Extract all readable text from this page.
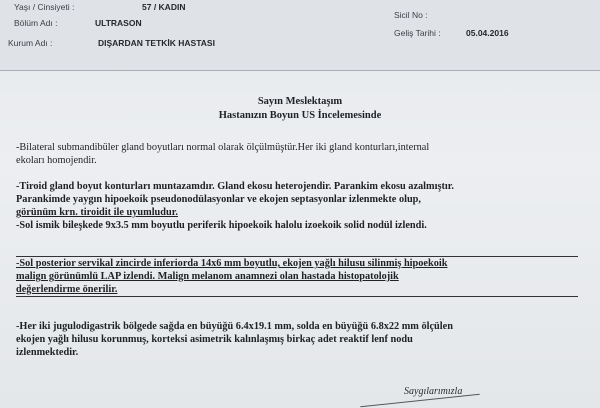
Yaşı / Cinsiyeti :	57 / KADIN
Bölüm Adı :	ULTRASON
Kurum Adı :	DIŞARDAN TETKİK HASTASI
Sicil No :
Geliş Tarihi :	05.04.2016
Sayın Meslektaşım
Hastanızın Boyun US İncelemesinde
-Bilateral submandibüler gland boyutları normal olarak ölçülmüştür.Her iki gland konturları,internal
ekoları homojendir.
-Tiroid gland boyut konturları muntazamdır. Gland ekosu heterojendir. Parankim ekosu azalmıştır.
Parankimde yaygın hipoekoik pseudonodülasyonlar ve ekojen septasyonlar izlenmekte olup,
görünüm krn. tiroidit ile uyumludur.
-Sol ismik bileşkede 9x3.5 mm boyutlu periferik hipoekoik halolu izoekoik solid nodül izlendi.
-Sol posterior servikal zincirde inferiorda 14x6 mm boyutlu, ekojen yağlı hilusu silinmiş hipoekoik
malign görünümlü LAP izlendi. Malign melanom anamnezi olan hastada histopatolojik
değerlendirme önerilir.
-Her iki jugulodigastrik bölgede sağda en büyüğü 6.4x19.1 mm, solda en büyüğü 6.8x22 mm ölçülen
ekojen yağlı hilusu korunmuş, korteksi asimetrik kalınlaşmış birkaç adet reaktif lenf nodu
izlenmektedir.
Saygılarımızla
